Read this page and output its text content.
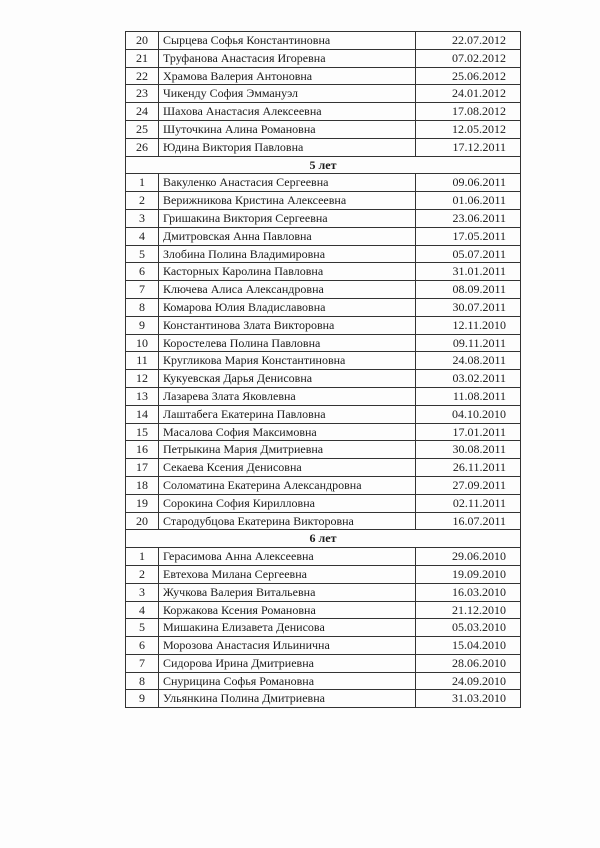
20	Сырцева Софья Константиновна	22.07.2012
21	Труфанова Анастасия Игоревна	07.02.2012
22	Храмова Валерия Антоновна	25.06.2012
23	Чикенду София Эммануэл	24.01.2012
24	Шахова Анастасия Алексеевна	17.08.2012
25	Шуточкина Алина Романовна	12.05.2012
26	Юдина Виктория Павловна	17.12.2011
5 лет		
1	Вакуленко Анастасия Сергеевна	09.06.2011
2	Верижникова Кристина Алексеевна	01.06.2011
3	Гришакина Виктория Сергеевна	23.06.2011
4	Дмитровская Анна Павловна	17.05.2011
5	Злобина Полина Владимировна	05.07.2011
6	Касторных Каролина Павловна	31.01.2011
7	Ключева Алиса Александровна	08.09.2011
8	Комарова Юлия Владиславовна	30.07.2011
9	Константинова Злата Викторовна	12.11.2010
10	Коростелева Полина Павловна	09.11.2011
11	Кругликова Мария Константиновна	24.08.2011
12	Кукуевская Дарья Денисовна	03.02.2011
13	Лазарева Злата Яковлевна	11.08.2011
14	Лаштабега Екатерина Павловна	04.10.2010
15	Масалова София Максимовна	17.01.2011
16	Петрыкина Мария Дмитриевна	30.08.2011
17	Секаева Ксения Денисовна	26.11.2011
18	Соломатина Екатерина Александровна	27.09.2011
19	Сорокина София Кирилловна	02.11.2011
20	Стародубцова Екатерина Викторовна	16.07.2011
6 лет		
1	Герасимова Анна Алексеевна	29.06.2010
2	Евтехова Милана Сергеевна	19.09.2010
3	Жучкова Валерия Витальевна	16.03.2010
4	Коржакова Ксения Романовна	21.12.2010
5	Мишакина Елизавета Денисова	05.03.2010
6	Морозова Анастасия Ильинична	15.04.2010
7	Сидорова Ирина Дмитриевна	28.06.2010
8	Снурицина Софья Романовна	24.09.2010
9	Ульянкина Полина Дмитриевна	31.03.2010
